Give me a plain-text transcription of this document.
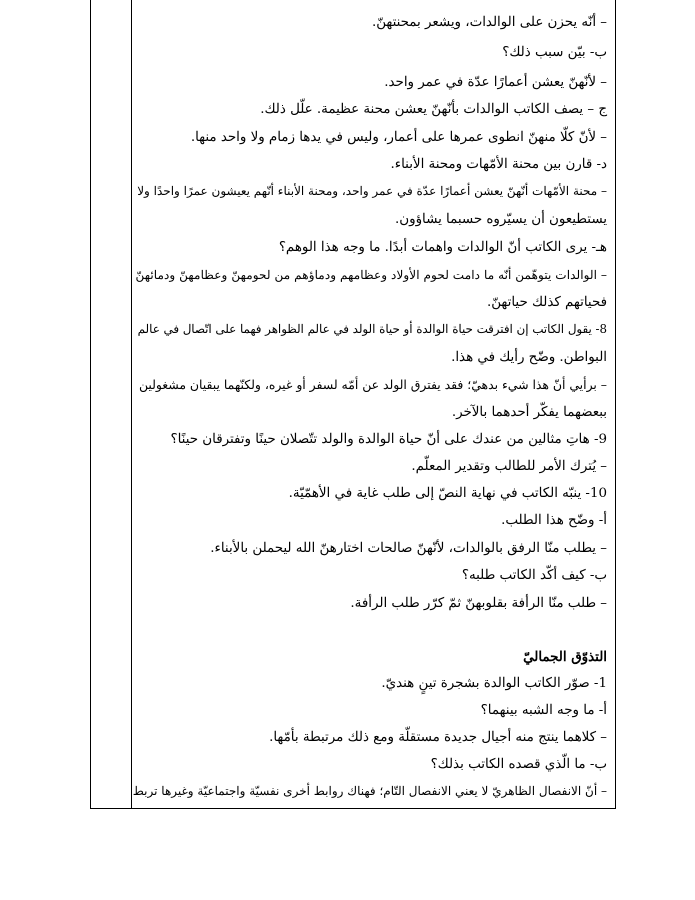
– أنّه يحزن على الوالدات، ويشعر بمحنتهنّ.
ب- بيّن سبب ذلك؟
– لأنّهنّ يعشن أعمارًا عدّة في عمر واحد.
ج – يصف الكاتب الوالدات بأنّهنّ يعشن محنة عظيمة. علّل ذلك.
– لأنّ كلّا منهنّ انطوى عمرها على أعمار، وليس في يدها زمام ولا واحد منها.
د- قارن بين محنة الأمّهات ومحنة الأبناء.
– محنة الأمّهات أنّهنّ يعشن أعمارًا عدّة في عمر واحد، ومحنة الأبناء أنّهم يعيشون عمرًا واحدًا ولا
يستطيعون أن يسيّروه حسبما يشاؤون.
هـ- يرى الكاتب أنّ الوالدات واهمات أبدًا. ما وجه هذا الوهم؟
– الوالدات يتوهّمن أنّه ما دامت لحوم الأولاد وعظامهم ودماؤهم من لحومهنّ وعظامهنّ ودمائهنّ
فحياتهم كذلك حياتهنّ.
8- يقول الكاتب إن افترقت حياة الوالدة أو حياة الولد في عالم الظواهر فهما على اتّصال في عالم
البواطن. وضّح رأيك في هذا.
– برأيي أنّ هذا شيء بدهيّ؛ فقد يفترق الولد عن أمّه لسفر أو غيره، ولكنّهما يبقيان مشغولين
ببعضهما يفكّر أحدهما بالآخر.
9- هاتِ مثالين من عندك على أنّ حياة الوالدة والولد تتّصلان حينًا وتفترقان حينًا؟
– يُترك الأمر للطالب وتقدير المعلّم.
10- ينبّه الكاتب في نهاية النصّ إلى طلب غاية في الأهمّيّة.
أ- وضّح هذا الطلب.
– يطلب منّا الرفق بالوالدات، لأنّهنّ صالحات اختارهنّ الله ليحملن بالأبناء.
ب- كيف أكّد الكاتب طلبه؟
– طلب منّا الرأفة بقلوبهنّ ثمّ كرّر طلب الرأفة.
التذوّق الجماليّ
1- صوّر الكاتب الوالدة بشجرة تينٍ هنديّ.
أ- ما وجه الشبه بينهما؟
– كلاهما ينتج منه أجيال جديدة مستقلّة ومع ذلك مرتبطة بأمّها.
ب- ما الّذي قصده الكاتب بذلك؟
– أنّ الانفصال الظاهريّ لا يعني الانفصال التّام؛ فهناك روابط أخرى نفسيّة واجتماعيّة وغيرها تربط
